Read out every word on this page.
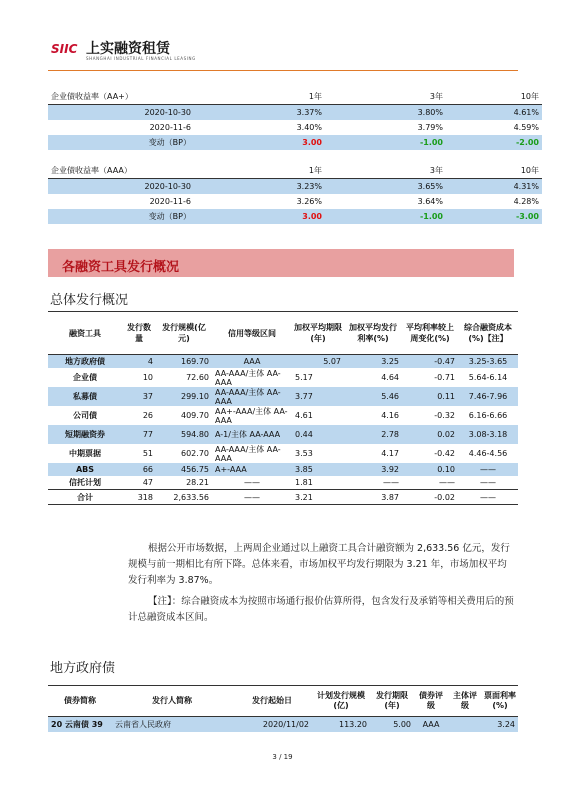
SIIC 上实融资租赁
SHANGHAI INDUSTRIAL FINANCIAL LEASING
企业债收益率（AA+）	1年	3年	10年
2020-10-30	3.37%	3.80%	4.61%
2020-11-6	3.40%	3.79%	4.59%
变动（BP）	3.00	-1.00	-2.00
企业债收益率（AAA）	1年	3年	10年
2020-10-30	3.23%	3.65%	4.31%
2020-11-6	3.26%	3.64%	4.28%
变动（BP）	3.00	-1.00	-3.00
各融资工具发行概况
总体发行概况
融资工具	发行数量	发行规模(亿元)	信用等级区间	加权平均期限(年)	加权平均发行利率(%)	平均利率较上周变化(%)	综合融资成本(%)【注】
地方政府债	4	169.70	AAA	5.07	3.25	-0.47	3.25-3.65
企业债	10	72.60	AA-AAA/主体 AA-AAA	5.17	4.64	-0.71	5.64-6.14
私募债	37	299.10	AA-AAA/主体 AA-AAA	3.77	5.46	0.11	7.46-7.96
公司债	26	409.70	AA+-AAA/主体 AA-AAA	4.61	4.16	-0.32	6.16-6.66
短期融资券	77	594.80	A-1/主体 AA-AAA	0.44	2.78	0.02	3.08-3.18
中期票据	51	602.70	AA-AAA/主体 AA-AAA	3.53	4.17	-0.42	4.46-4.56
ABS	66	456.75	A+-AAA	3.85	3.92	0.10	——
信托计划	47	28.21	——	1.81	——	——	——
合计	318	2,633.56	——	3.21	3.87	-0.02	——

根据公开市场数据，上两周企业通过以上融资工具合计融资额为 2,633.56 亿元，发行规模与前一期相比有所下降。总体来看，市场加权平均发行期限为 3.21 年，市场加权平均发行利率为 3.87%。

【注】：综合融资成本为按照市场通行报价估算所得，包含发行及承销等相关费用后的预计总融资成本区间。

地方政府债
债券简称	发行人简称	发行起始日	计划发行规模(亿)	发行期限(年)	债券评级	主体评级	票面利率(%)
20 云南债 39	云南省人民政府	2020/11/02	113.20	5.00	AAA		3.24
3 / 19
